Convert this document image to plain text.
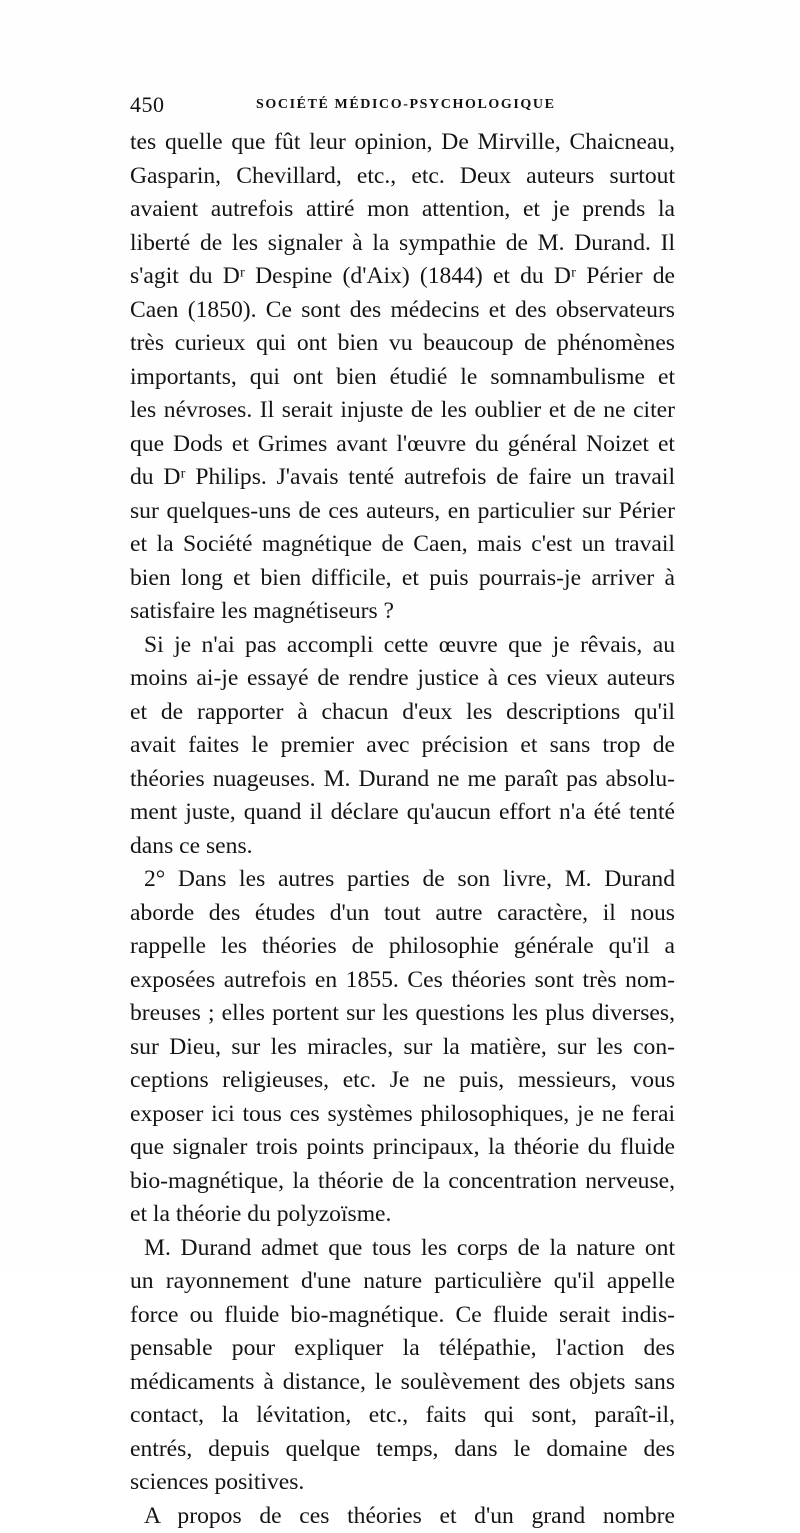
450	SOCIÉTÉ MÉDICO-PSYCHOLOGIQUE
tes quelle que fût leur opinion, De Mirville, Chaicneau,
Gasparin, Chevillard, etc., etc. Deux auteurs surtout
avaient autrefois attiré mon attention, et je prends la
liberté de les signaler à la sympathie de M. Durand. Il
s'agit du Dʳ Despine (d'Aix) (1844) et du Dʳ Périer de
Caen (1850). Ce sont des médecins et des observateurs
très curieux qui ont bien vu beaucoup de phénomènes
importants, qui ont bien étudié le somnambulisme et
les névroses. Il serait injuste de les oublier et de ne citer
que Dods et Grimes avant l'œuvre du général Noizet et
du Dʳ Philips. J'avais tenté autrefois de faire un travail
sur quelques-uns de ces auteurs, en particulier sur Périer
et la Société magnétique de Caen, mais c'est un travail
bien long et bien difficile, et puis pourrais-je arriver à
satisfaire les magnétiseurs ?
Si je n'ai pas accompli cette œuvre que je rêvais, au
moins ai-je essayé de rendre justice à ces vieux auteurs
et de rapporter à chacun d'eux les descriptions qu'il
avait faites le premier avec précision et sans trop de
théories nuageuses. M. Durand ne me paraît pas absolu-
ment juste, quand il déclare qu'aucun effort n'a été tenté
dans ce sens.
2° Dans les autres parties de son livre, M. Durand
aborde des études d'un tout autre caractère, il nous
rappelle les théories de philosophie générale qu'il a
exposées autrefois en 1855. Ces théories sont très nom-
breuses ; elles portent sur les questions les plus diverses,
sur Dieu, sur les miracles, sur la matière, sur les con-
ceptions religieuses, etc. Je ne puis, messieurs, vous
exposer ici tous ces systèmes philosophiques, je ne ferai
que signaler trois points principaux, la théorie du fluide
bio-magnétique, la théorie de la concentration nerveuse,
et la théorie du polyzoïsme.
M. Durand admet que tous les corps de la nature ont
un rayonnement d'une nature particulière qu'il appelle
force ou fluide bio-magnétique. Ce fluide serait indis-
pensable pour expliquer la télépathie, l'action des
médicaments à distance, le soulèvement des objets sans
contact, la lévitation, etc., faits qui sont, paraît-il,
entrés, depuis quelque temps, dans le domaine des
sciences positives.
A propos de ces théories et d'un grand nombre
